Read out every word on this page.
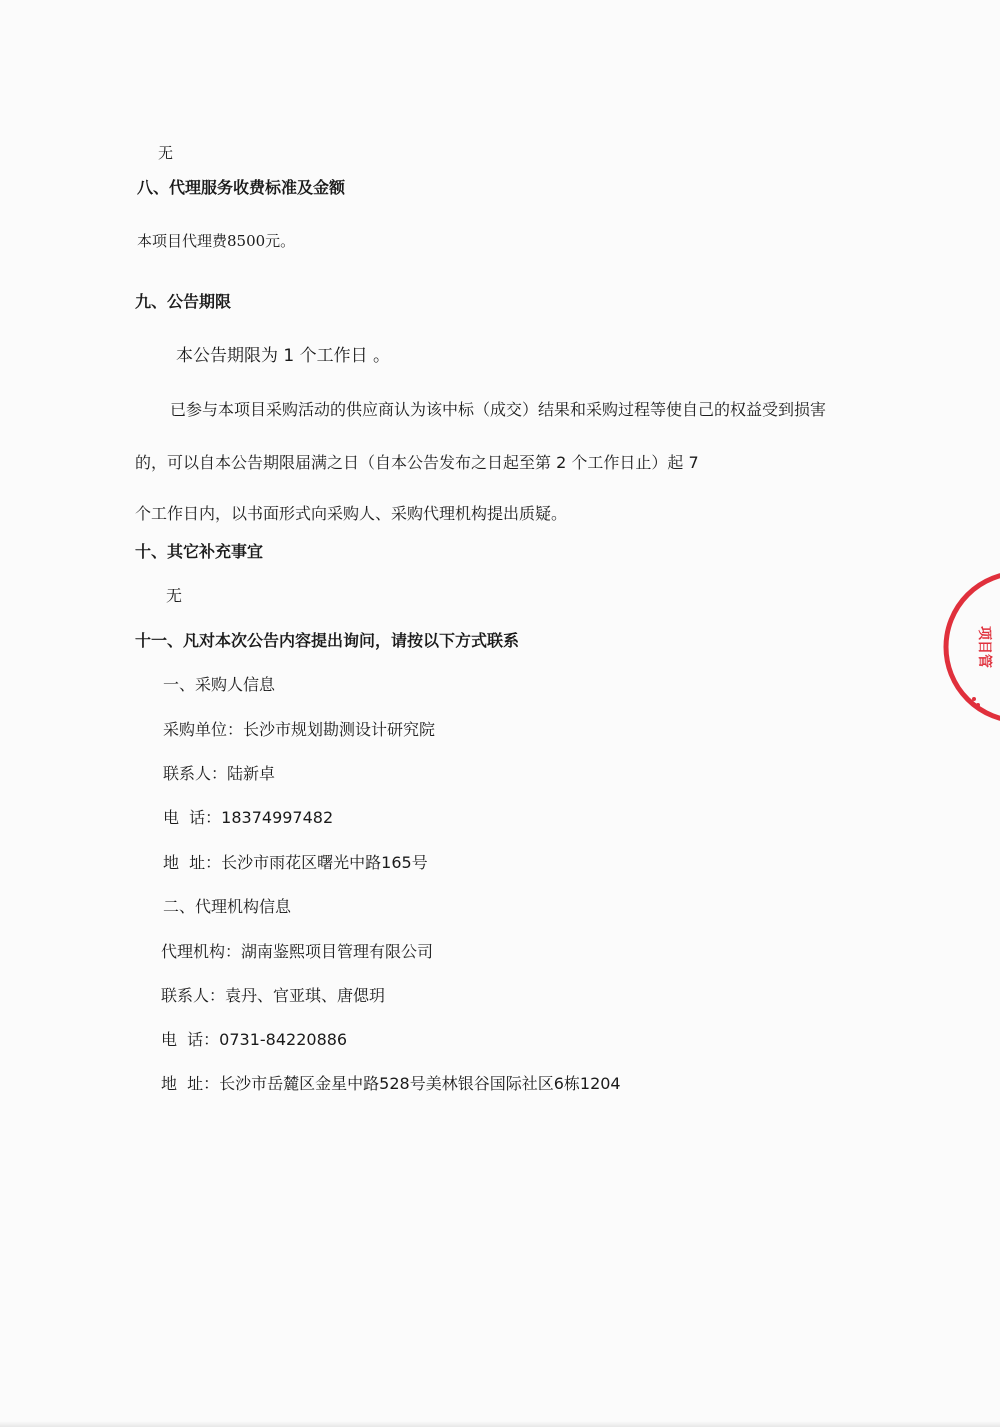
无
八、代理服务收费标准及金额
本项目代理费8500元。
九、公告期限
本公告期限为 1 个工作日 。
已参与本项目采购活动的供应商认为该中标（成交）结果和采购过程等使自己的权益受到损害
的，可以自本公告期限届满之日（自本公告发布之日起至第 2 个工作日止）起 7
个工作日内，以书面形式向采购人、采购代理机构提出质疑。
十、其它补充事宜
无
十一、凡对本次公告内容提出询问，请按以下方式联系
一、采购人信息
采购单位：长沙市规划勘测设计研究院
联系人：陆新卓
电  话：18374997482
地  址：长沙市雨花区曙光中路165号
二、代理机构信息
代理机构：湖南鉴熙项目管理有限公司
联系人：袁丹、官亚琪、唐偲玥
电  话：0731-84220886
地  址：长沙市岳麓区金星中路528号美林银谷国际社区6栋1204
项目管
